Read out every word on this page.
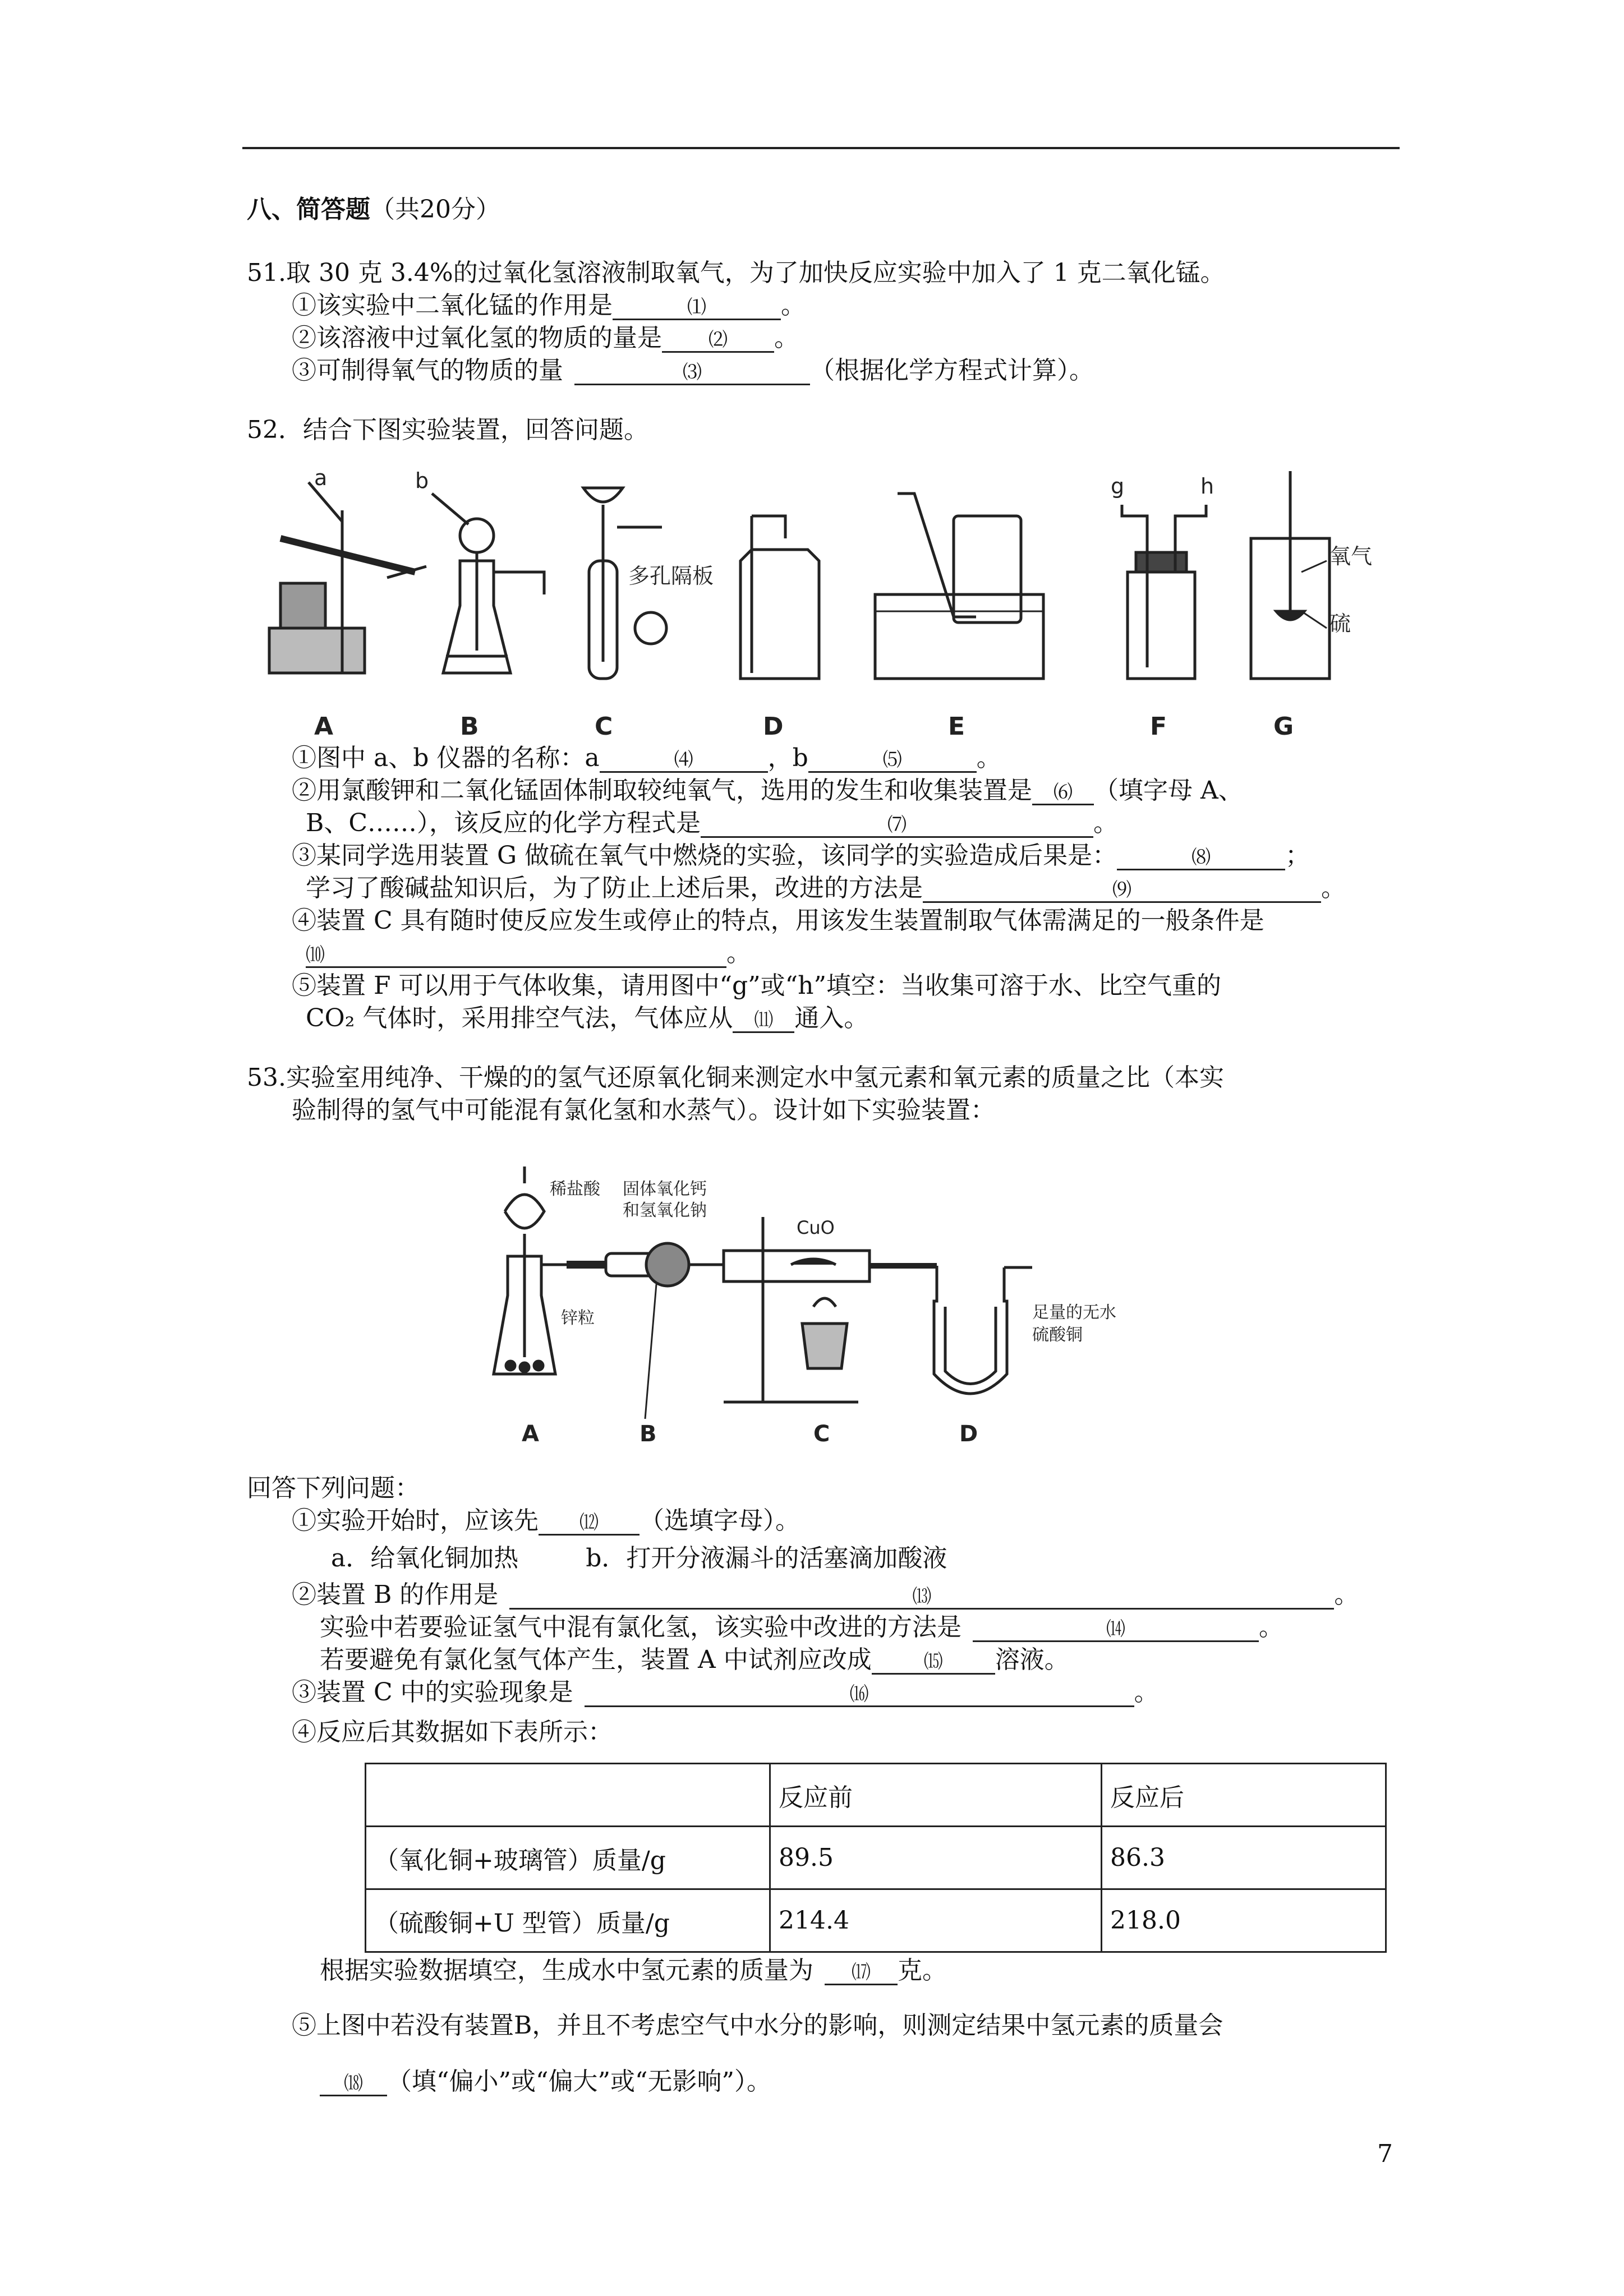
八、简答题（共20分）
51.取 30 克 3.4%的过氧化氢溶液制取氧气，为了加快反应实验中加入了 1 克二氧化锰。
①该实验中二氧化锰的作用是	⑴	。
②该溶液中过氧化氢的物质的量是 ⑵ 。
③可制得氧气的物质的量	⑶	（根据化学方程式计算）。
52．结合下图实验装置，回答问题。
A
a
B
b
C
多孔隔板
D	E	F
g	h
G
氧气
硫
①图中 a、b 仪器的名称：a	⑷	，b	⑸	。
②用氯酸钾和二氧化锰固体制取较纯氧气，选用的发生和收集装置是 ⑹ （填字母 A、
B、C……），该反应的化学方程式是	⑺	。
③某同学选用装置 G 做硫在氧气中燃烧的实验，该同学的实验造成后果是：	⑻	；
学习了酸碱盐知识后，为了防止上述后果，改进的方法是	⑼	。
④装置 C 具有随时使反应发生或停止的特点，用该发生装置制取气体需满足的一般条件是
⑽	。
⑤装置 F 可以用于气体收集，请用图中“g”或“h”填空：当收集可溶于水、比空气重的
CO₂ 气体时，采用排空气法，气体应从 ⑾ 通入。
53.实验室用纯净、干燥的的氢气还原氧化铜来测定水中氢元素和氧元素的质量之比（本实
验制得的氢气中可能混有氯化氢和水蒸气）。设计如下实验装置：
稀盐酸
锌粒
A
固体氧化钙
和氢氧化钠
B
CuO
C
足量的无水
硫酸铜
D
回答下列问题：
①实验开始时，应该先 ⑿ （选填字母）。
a．给氧化铜加热	b．打开分液漏斗的活塞滴加酸液
②装置 B 的作用是	⒀	。
实验中若要验证氢气中混有氯化氢，该实验中改进的方法是	⒁	。
若要避免有氯化氢气体产生，装置 A 中试剂应改成	⒂ 溶液。
③装置 C 中的实验现象是	⒃	。
④反应后其数据如下表所示：
	反应前	反应后
（氧化铜+玻璃管）质量/g	89.5	86.3
（硫酸铜+U 型管）质量/g	214.4	218.0
根据实验数据填空，生成水中氢元素的质量为 ⒄ 克。
⑤上图中若没有装置B，并且不考虑空气中水分的影响，则测定结果中氢元素的质量会
⒅ （填“偏小”或“偏大”或“无影响”）。
7
